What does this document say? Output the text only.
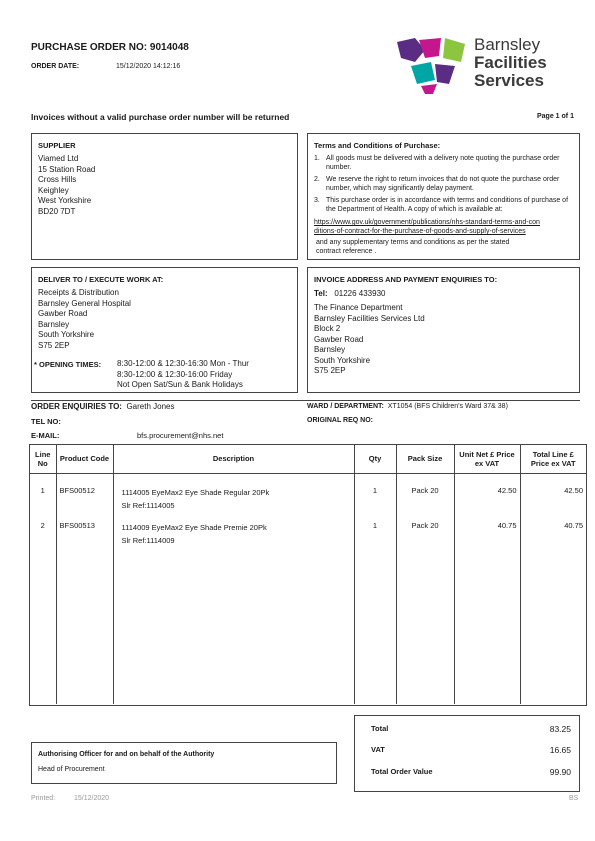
PURCHASE ORDER NO: 9014048
ORDER DATE:	15/12/2020 14:12:16
Barnsley
Facilities
Services
Invoices without a valid purchase order number will be returned	Page 1 of 1
SUPPLIER
Viamed Ltd
15 Station Road
Cross Hills
Keighley
West Yorkshire
BD20 7DT
Terms and Conditions of Purchase:
1. All goods must be delivered with a delivery note quoting the purchase order number.
2. We reserve the right to return invoices that do not quote the purchase order number, which may significantly delay payment.
3. This purchase order is in accordance with terms and conditions of purchase of the Department of Health. A copy of which is available at:
https://www.gov.uk/government/publications/nhs-standard-terms-and-con
ditions-of-contract-for-the-purchase-of-goods-and-supply-of-services
and any supplementary terms and conditions as per the stated
contract reference .
DELIVER TO / EXECUTE WORK AT:
Receipts & Distribution
Barnsley General Hospital
Gawber Road
Barnsley
South Yorkshire
S75 2EP
* OPENING TIMES: 8:30-12:00 & 12:30-16:30 Mon - Thur
8:30-12:00 & 12:30-16:00 Friday
Not Open Sat/Sun & Bank Holidays
INVOICE ADDRESS AND PAYMENT ENQUIRIES TO:
Tel: 01226 433930
The Finance Department
Barnsley Facilities Services Ltd
Block 2
Gawber Road
Barnsley
South Yorkshire
S75 2EP
ORDER ENQUIRIES TO: Gareth Jones
TEL NO:
E-MAIL:	bfs.procurement@nhs.net
WARD / DEPARTMENT: XT1054 (BFS Children's Ward 37& 38)
ORIGINAL REQ NO:
Line No	Product Code	Description	Qty	Pack Size	Unit Net £ Price ex VAT	Total Line £ Price ex VAT
1	BFS00512	1114005 EyeMax2 Eye Shade Regular 20Pk
Slr Ref:1114005	1	Pack 20	42.50	42.50
2	BFS00513	1114009 EyeMax2 Eye Shade Premie 20Pk
Slr Ref:1114009	1	Pack 20	40.75	40.75

Total	83.25
VAT	16.65
Total Order Value	99.90
Authorising Officer for and on behalf of the Authority
Head of Procurement
Printed:	15/12/2020	BS
